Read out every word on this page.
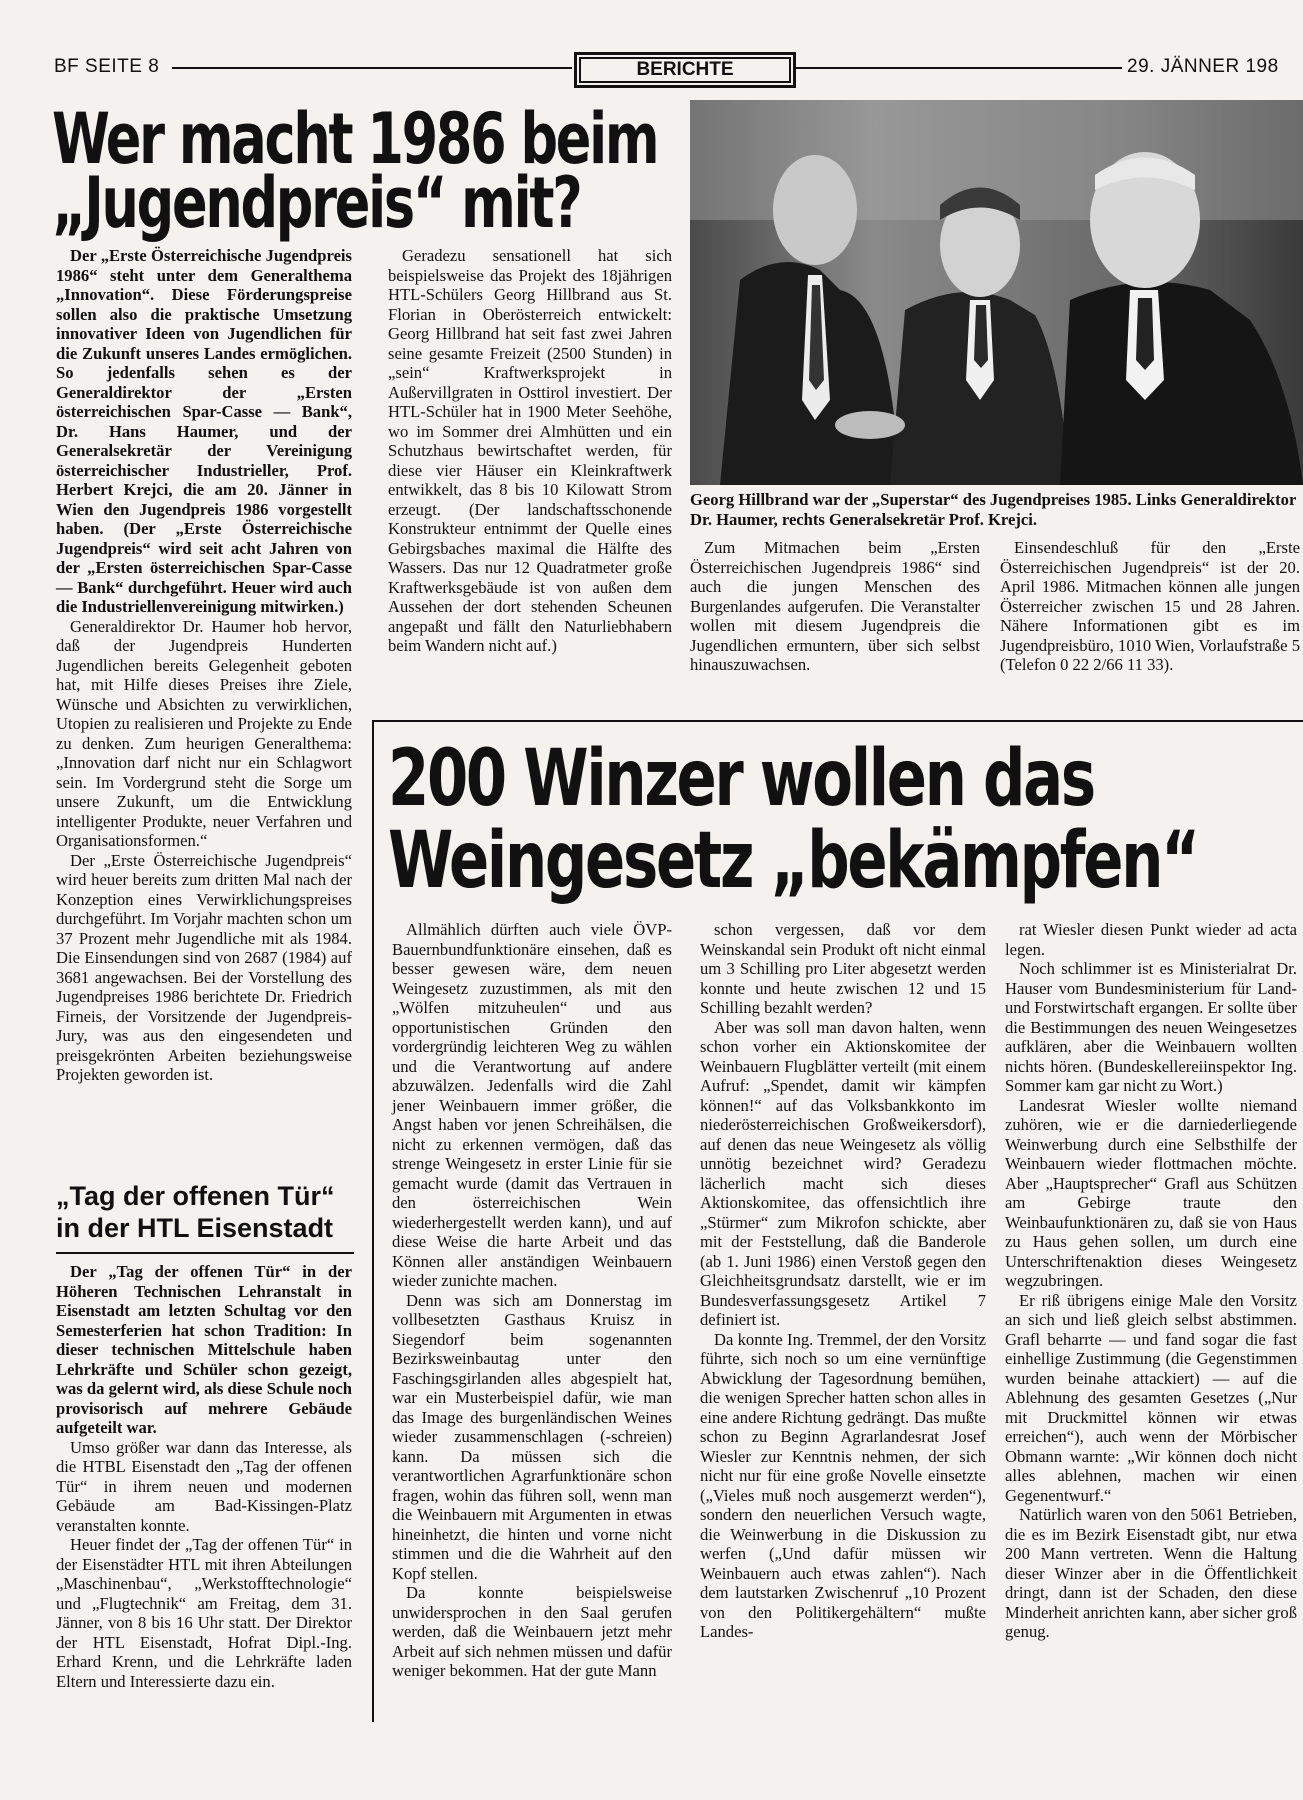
BF SEITE 8	BERICHTE	29. JÄNNER 198
Wer macht 1986 beim
„Jugendpreis“ mit?

Der „Erste Österreichische Jugendpreis 1986“ steht unter dem Generalthema „Innovation“. Diese Förderungspreise sollen also die praktische Umsetzung innovativer Ideen von Jugendlichen für die Zukunft unseres Landes ermöglichen. So jedenfalls sehen es der Generaldirektor der „Ersten österreichischen Spar-Casse — Bank“, Dr. Hans Haumer, und der Generalsekretär der Vereinigung österreichischer Industrieller, Prof. Herbert Krejci, die am 20. Jänner in Wien den Jugendpreis 1986 vorgestellt haben. (Der „Erste Österreichische Jugendpreis“ wird seit acht Jahren von der „Ersten österreichischen Spar-Casse — Bank“ durchgeführt. Heuer wird auch die Industriellenvereinigung mitwirken.)

Generaldirektor Dr. Haumer hob hervor, daß der Jugendpreis Hunderten Jugendlichen bereits Gelegenheit geboten hat, mit Hilfe dieses Preises ihre Ziele, Wünsche und Absichten zu verwirklichen, Utopien zu realisieren und Projekte zu Ende zu denken. Zum heurigen Generalthema: „Innovation darf nicht nur ein Schlagwort sein. Im Vordergrund steht die Sorge um unsere Zukunft, um die Entwicklung intelligenter Produkte, neuer Verfahren und Organisationsformen.“

Der „Erste Österreichische Jugendpreis“ wird heuer bereits zum dritten Mal nach der Konzeption eines Verwirklichungspreises durchgeführt. Im Vorjahr machten schon um 37 Prozent mehr Jugendliche mit als 1984. Die Einsendungen sind von 2687 (1984) auf 3681 angewachsen. Bei der Vorstellung des Jugendpreises 1986 berichtete Dr. Friedrich Firneis, der Vorsitzende der Jugendpreis-Jury, was aus den eingesendeten und preisgekrönten Arbeiten beziehungsweise Projekten geworden ist.

Geradezu sensationell hat sich beispielsweise das Projekt des 18jährigen HTL-Schülers Georg Hillbrand aus St. Florian in Oberösterreich entwickelt: Georg Hillbrand hat seit fast zwei Jahren seine gesamte Freizeit (2500 Stunden) in „sein“ Kraftwerksprojekt in Außervillgraten in Osttirol investiert. Der HTL-Schüler hat in 1900 Meter Seehöhe, wo im Sommer drei Almhütten und ein Schutzhaus bewirtschaftet werden, für diese vier Häuser ein Kleinkraftwerk entwikkelt, das 8 bis 10 Kilowatt Strom erzeugt. (Der landschaftsschonende Konstrukteur entnimmt der Quelle eines Gebirgsbaches maximal die Hälfte des Wassers. Das nur 12 Quadratmeter große Kraftwerksgebäude ist von außen dem Aussehen der dort stehenden Scheunen angepaßt und fällt den Naturliebhabern beim Wandern nicht auf.)

Georg Hillbrand war der „Superstar“ des Jugendpreises 1985. Links Generaldirektor Dr. Haumer, rechts Generalsekretär Prof. Krejci.

Zum Mitmachen beim „Ersten Österreichischen Jugendpreis 1986“ sind auch die jungen Menschen des Burgenlandes aufgerufen. Die Veranstalter wollen mit diesem Jugendpreis die Jugendlichen ermuntern, über sich selbst hinauszuwachsen.

Einsendeschluß für den „Erste Österreichischen Jugendpreis“ ist der 20. April 1986. Mitmachen können alle jungen Österreicher zwischen 15 und 28 Jahren. Nähere Informationen gibt es im Jugendpreisbüro, 1010 Wien, Vorlaufstraße 5 (Telefon 0 22 2/66 11 33).

„Tag der offenen Tür“ in der HTL Eisenstadt

Der „Tag der offenen Tür“ in der Höheren Technischen Lehranstalt in Eisenstadt am letzten Schultag vor den Semesterferien hat schon Tradition: In dieser technischen Mittelschule haben Lehrkräfte und Schüler schon gezeigt, was da gelernt wird, als diese Schule noch provisorisch auf mehrere Gebäude aufgeteilt war.

Umso größer war dann das Interesse, als die HTBL Eisenstadt den „Tag der offenen Tür“ in ihrem neuen und modernen Gebäude am Bad-Kissingen-Platz veranstalten konnte.

Heuer findet der „Tag der offenen Tür“ in der Eisenstädter HTL mit ihren Abteilungen „Maschinenbau“, „Werkstofftechnologie“ und „Flugtechnik“ am Freitag, dem 31. Jänner, von 8 bis 16 Uhr statt. Der Direktor der HTL Eisenstadt, Hofrat Dipl.-Ing. Erhard Krenn, und die Lehrkräfte laden Eltern und Interessierte dazu ein.

200 Winzer wollen das
Weingesetz „bekämpfen“

Allmählich dürften auch viele ÖVP-Bauernbundfunktionäre einsehen, daß es besser gewesen wäre, dem neuen Weingesetz zuzustimmen, als mit den „Wölfen mitzuheulen“ und aus opportunistischen Gründen den vordergründig leichteren Weg zu wählen und die Verantwortung auf andere abzuwälzen. Jedenfalls wird die Zahl jener Weinbauern immer größer, die Angst haben vor jenen Schreihälsen, die nicht zu erkennen vermögen, daß das strenge Weingesetz in erster Linie für sie gemacht wurde (damit das Vertrauen in den österreichischen Wein wiederhergestellt werden kann), und auf diese Weise die harte Arbeit und das Können aller anständigen Weinbauern wieder zunichte machen.

Denn was sich am Donnerstag im vollbesetzten Gasthaus Kruisz in Siegendorf beim sogenannten Bezirksweinbautag unter den Faschingsgirlanden alles abgespielt hat, war ein Musterbeispiel dafür, wie man das Image des burgenländischen Weines wieder zusammenschlagen (-schreien) kann. Da müssen sich die verantwortlichen Agrarfunktionäre schon fragen, wohin das führen soll, wenn man die Weinbauern mit Argumenten in etwas hineinhetzt, die hinten und vorne nicht stimmen und die die Wahrheit auf den Kopf stellen.

Da konnte beispielsweise unwidersprochen in den Saal gerufen werden, daß die Weinbauern jetzt mehr Arbeit auf sich nehmen müssen und dafür weniger bekommen. Hat der gute Mann

schon vergessen, daß vor dem Weinskandal sein Produkt oft nicht einmal um 3 Schilling pro Liter abgesetzt werden konnte und heute zwischen 12 und 15 Schilling bezahlt werden?

Aber was soll man davon halten, wenn schon vorher ein Aktionskomitee der Weinbauern Flugblätter verteilt (mit einem Aufruf: „Spendet, damit wir kämpfen können!“ auf das Volksbankkonto im niederösterreichischen Großweikersdorf), auf denen das neue Weingesetz als völlig unnötig bezeichnet wird? Geradezu lächerlich macht sich dieses Aktionskomitee, das offensichtlich ihre „Stürmer“ zum Mikrofon schickte, aber mit der Feststellung, daß die Banderole (ab 1. Juni 1986) einen Verstoß gegen den Gleichheitsgrundsatz darstellt, wie er im Bundesverfassungsgesetz Artikel 7 definiert ist.

Da konnte Ing. Tremmel, der den Vorsitz führte, sich noch so um eine vernünftige Abwicklung der Tagesordnung bemühen, die wenigen Sprecher hatten schon alles in eine andere Richtung gedrängt. Das mußte schon zu Beginn Agrarlandesrat Josef Wiesler zur Kenntnis nehmen, der sich nicht nur für eine große Novelle einsetzte („Vieles muß noch ausgemerzt werden“), sondern den neuerlichen Versuch wagte, die Weinwerbung in die Diskussion zu werfen („Und dafür müssen wir Weinbauern auch etwas zahlen“). Nach dem lautstarken Zwischenruf „10 Prozent von den Politikergehältern“ mußte Landes-

rat Wiesler diesen Punkt wieder ad acta legen.

Noch schlimmer ist es Ministerialrat Dr. Hauser vom Bundesministerium für Land- und Forstwirtschaft ergangen. Er sollte über die Bestimmungen des neuen Weingesetzes aufklären, aber die Weinbauern wollten nichts hören. (Bundeskellereiinspektor Ing. Sommer kam gar nicht zu Wort.)

Landesrat Wiesler wollte niemand zuhören, wie er die darniederliegende Weinwerbung durch eine Selbsthilfe der Weinbauern wieder flottmachen möchte. Aber „Hauptsprecher“ Grafl aus Schützen am Gebirge traute den Weinbaufunktionären zu, daß sie von Haus zu Haus gehen sollen, um durch eine Unterschriftenaktion dieses Weingesetz wegzubringen.

Er riß übrigens einige Male den Vorsitz an sich und ließ gleich selbst abstimmen. Grafl beharrte — und fand sogar die fast einhellige Zustimmung (die Gegenstimmen wurden beinahe attackiert) — auf die Ablehnung des gesamten Gesetzes („Nur mit Druckmittel können wir etwas erreichen“), auch wenn der Mörbischer Obmann warnte: „Wir können doch nicht alles ablehnen, machen wir einen Gegenentwurf.“

Natürlich waren von den 5061 Betrieben, die es im Bezirk Eisenstadt gibt, nur etwa 200 Mann vertreten. Wenn die Haltung dieser Winzer aber in die Öffentlichkeit dringt, dann ist der Schaden, den diese Minderheit anrichten kann, aber sicher groß genug.
